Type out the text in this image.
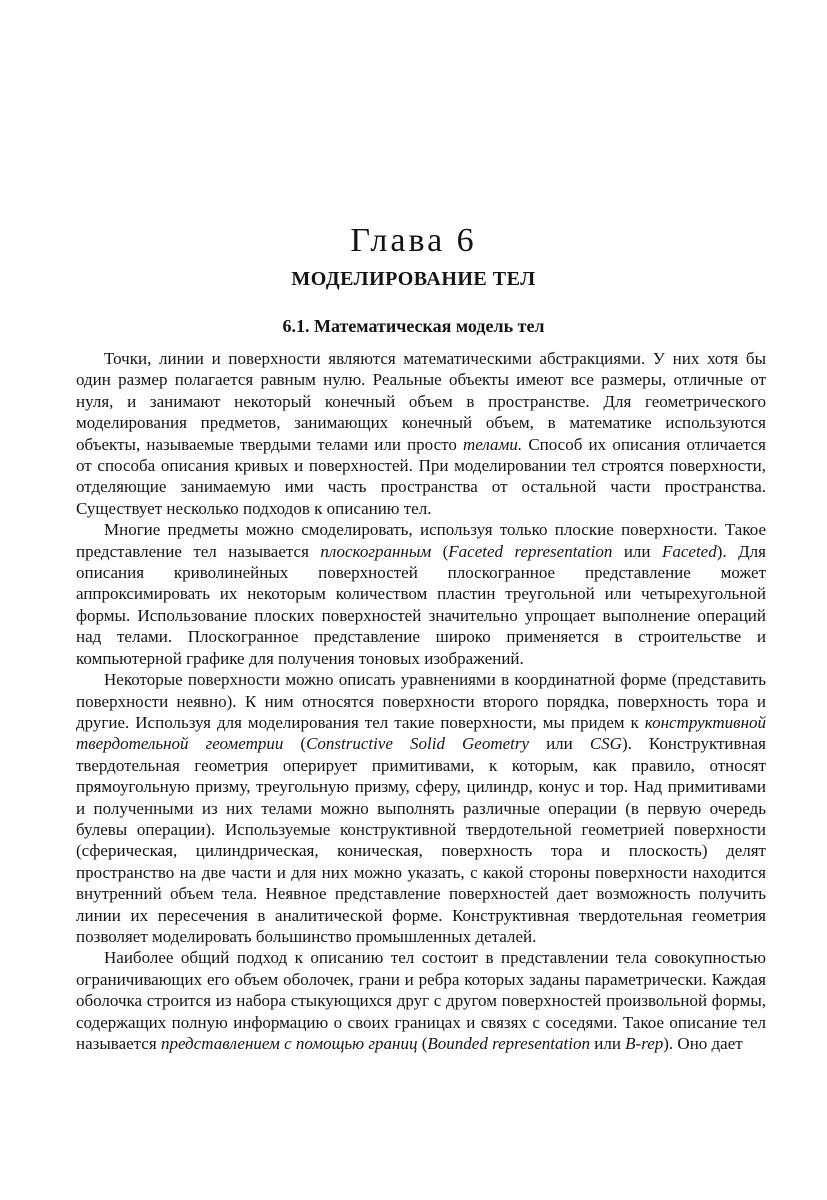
Глава 6
МОДЕЛИРОВАНИЕ ТЕЛ
6.1. Математическая модель тел

Точки, линии и поверхности являются математическими абстракциями. У них хотя бы один размер полагается равным нулю. Реальные объекты имеют все размеры, отличные от нуля, и занимают некоторый конечный объем в пространстве. Для геометрического моделирования предметов, занимающих конечный объем, в математике используются объекты, называемые твердыми телами или просто телами. Способ их описания отличается от способа описания кривых и поверхностей. При моделировании тел строятся поверхности, отделяющие занимаемую ими часть пространства от остальной части пространства. Существует несколько подходов к описанию тел.

Многие предметы можно смоделировать, используя только плоские поверхности. Такое представление тел называется плоскогранным (Faceted representation или Faceted). Для описания криволинейных поверхностей плоскогранное представление может аппроксимировать их некоторым количеством пластин треугольной или четырехугольной формы. Использование плоских поверхностей значительно упрощает выполнение операций над телами. Плоскогранное представление широко применяется в строительстве и компьютерной графике для получения тоновых изображений.

Некоторые поверхности можно описать уравнениями в координатной форме (представить поверхности неявно). К ним относятся поверхности второго порядка, поверхность тора и другие. Используя для моделирования тел такие поверхности, мы придем к конструктивной твердотельной геометрии (Constructive Solid Geometry или CSG). Конструктивная твердотельная геометрия оперирует примитивами, к которым, как правило, относят прямоугольную призму, треугольную призму, сферу, цилиндр, конус и тор. Над примитивами и полученными из них телами можно выполнять различные операции (в первую очередь булевы операции). Используемые конструктивной твердотельной геометрией поверхности (сферическая, цилиндрическая, коническая, поверхность тора и плоскость) делят пространство на две части и для них можно указать, с какой стороны поверхности находится внутренний объем тела. Неявное представление поверхностей дает возможность получить линии их пересечения в аналитической форме. Конструктивная твердотельная геометрия позволяет моделировать большинство промышленных деталей.

Наиболее общий подход к описанию тел состоит в представлении тела совокупностью ограничивающих его объем оболочек, грани и ребра которых заданы параметрически. Каждая оболочка строится из набора стыкующихся друг с другом поверхностей произвольной формы, содержащих полную информацию о своих границах и связях с соседями. Такое описание тел называется представлением с помощью границ (Bounded representation или B-rep). Оно дает
